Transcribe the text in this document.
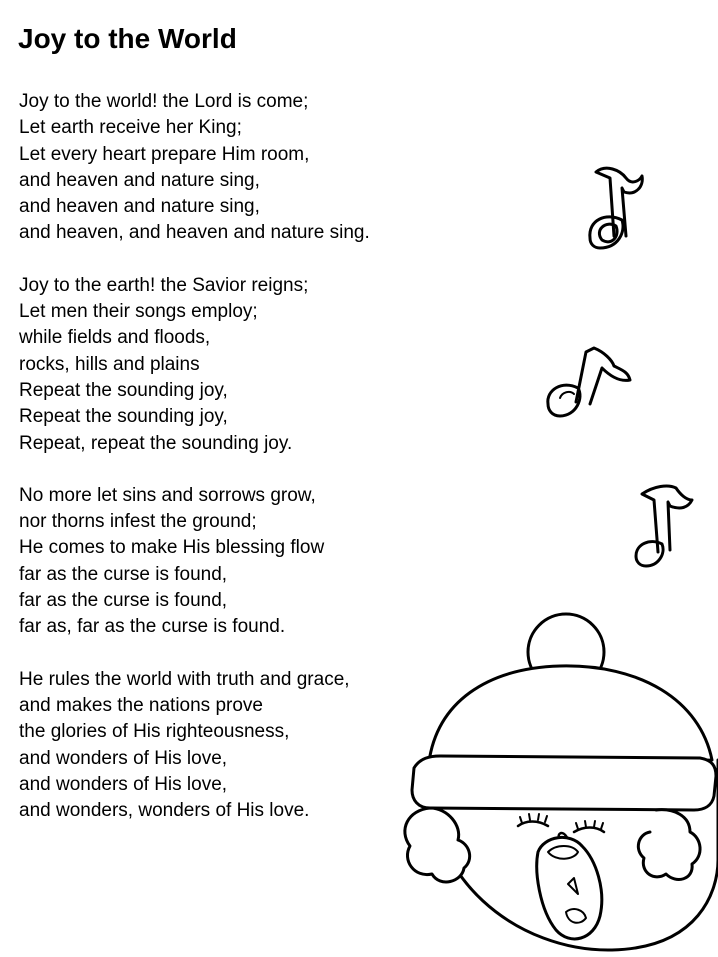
Joy to the World
Joy to the world! the Lord is come;
Let earth receive her King;
Let every heart prepare Him room,
and heaven and nature sing,
and heaven and nature sing,
and heaven, and heaven and nature sing.
Joy to the earth! the Savior reigns;
Let men their songs employ;
while fields and floods,
rocks, hills and plains
Repeat the sounding joy,
Repeat the sounding joy,
Repeat, repeat the sounding joy.
No more let sins and sorrows grow,
nor thorns infest the ground;
He comes to make His blessing flow
far as the curse is found,
far as the curse is found,
far as, far as the curse is found.
He rules the world with truth and grace,
and makes the nations prove
the glories of His righteousness,
and wonders of His love,
and wonders of His love,
and wonders, wonders of His love.
